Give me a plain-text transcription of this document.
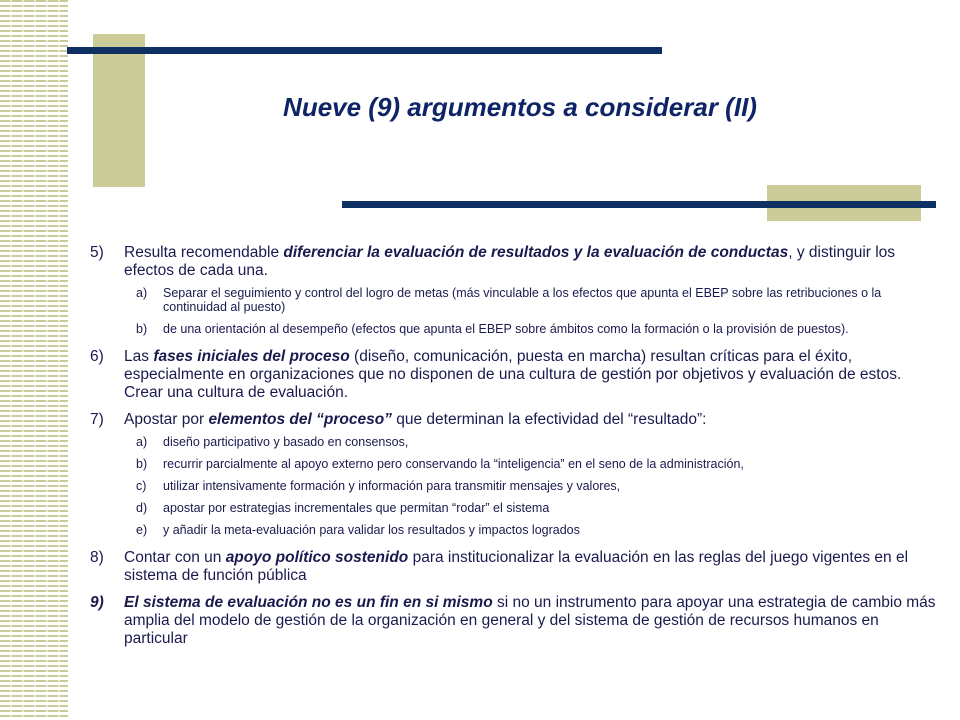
Nueve (9) argumentos a considerar (II)
5)	Resulta recomendable diferenciar la evaluación de resultados y la evaluación de conductas, y distinguir los efectos de cada una.
a)	Separar el seguimiento y control del logro de metas (más vinculable a los efectos que apunta el EBEP sobre las retribuciones o la continuidad al puesto)
b)	de una orientación al desempeño (efectos que apunta el EBEP sobre ámbitos como la formación o la provisión de puestos).
6)	Las fases iniciales del proceso (diseño, comunicación, puesta en marcha) resultan críticas para el éxito, especialmente en organizaciones que no disponen de una cultura de gestión por objetivos y evaluación de estos. Crear una cultura de evaluación.
7)	Apostar por elementos del “proceso” que determinan la efectividad del “resultado”:
a)	diseño participativo y basado en consensos,
b)	recurrir parcialmente al apoyo externo pero conservando la “inteligencia” en el seno de la administración,
c)	utilizar intensivamente formación y información para transmitir mensajes y valores,
d)	apostar por estrategias incrementales que permitan “rodar” el sistema
e)	y añadir la meta-evaluación para validar los resultados y impactos logrados
8)	Contar con un apoyo político sostenido para institucionalizar la evaluación en las reglas del juego vigentes en el sistema de función pública
9)	El sistema de evaluación no es un fin en si mismo si no un instrumento para apoyar una estrategia de cambio más amplia del modelo de gestión de la organización en general y del sistema de gestión de recursos humanos en particular
